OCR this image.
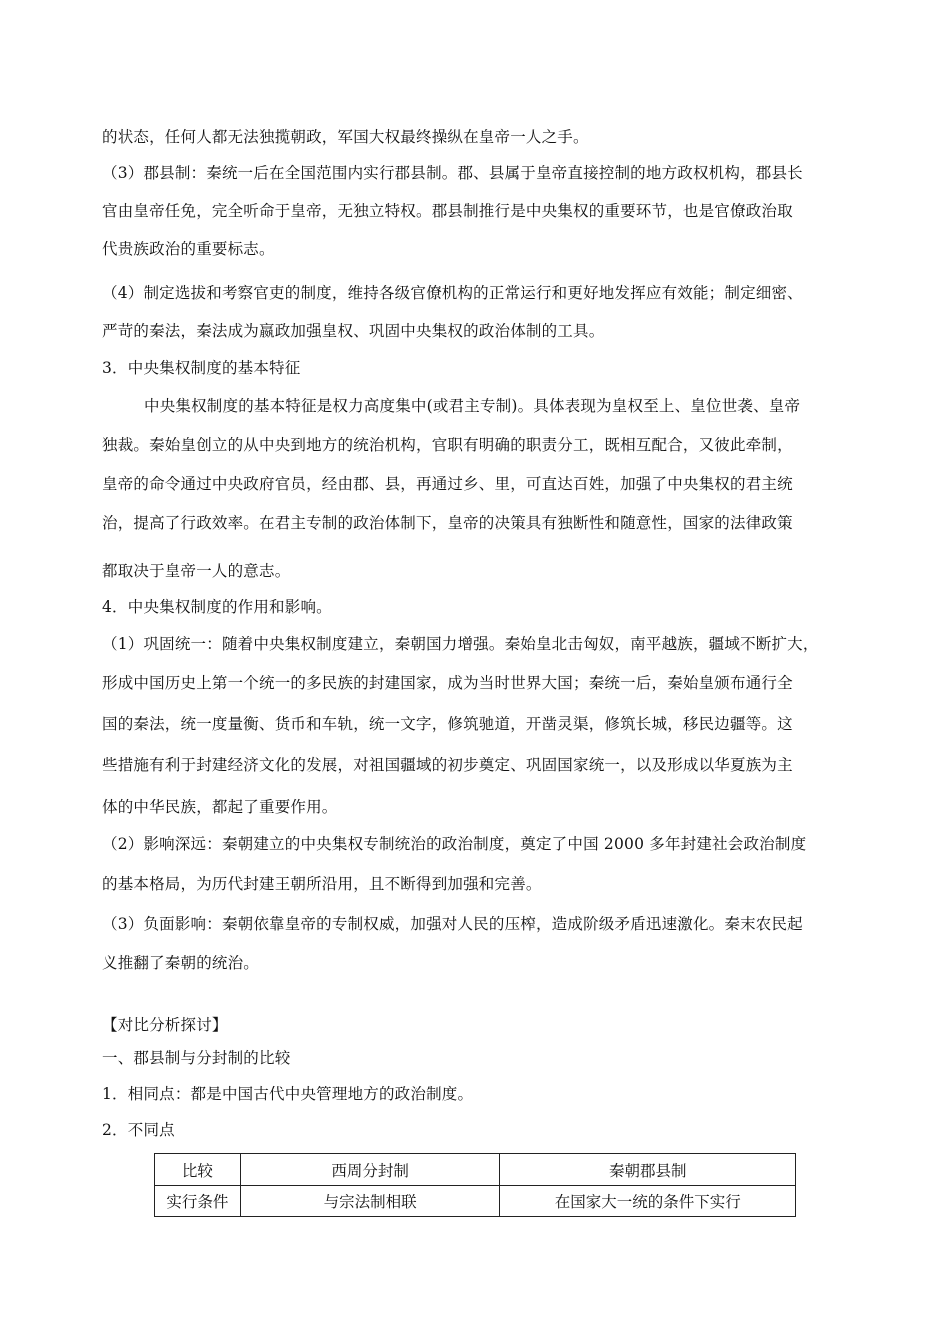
的状态，任何人都无法独揽朝政，军国大权最终操纵在皇帝一人之手。
（3）郡县制：秦统一后在全国范围内实行郡县制。郡、县属于皇帝直接控制的地方政权机构，郡县长
官由皇帝任免，完全听命于皇帝，无独立特权。郡县制推行是中央集权的重要环节，也是官僚政治取
代贵族政治的重要标志。
（4）制定选拔和考察官吏的制度，维持各级官僚机构的正常运行和更好地发挥应有效能；制定细密、
严苛的秦法，秦法成为嬴政加强皇权、巩固中央集权的政治体制的工具。
3．中央集权制度的基本特征
中央集权制度的基本特征是权力高度集中(或君主专制)。具体表现为皇权至上、皇位世袭、皇帝
独裁。秦始皇创立的从中央到地方的统治机构，官职有明确的职责分工，既相互配合，又彼此牵制，
皇帝的命令通过中央政府官员，经由郡、县，再通过乡、里，可直达百姓，加强了中央集权的君主统
治，提高了行政效率。在君主专制的政治体制下，皇帝的决策具有独断性和随意性，国家的法律政策
都取决于皇帝一人的意志。
4．中央集权制度的作用和影响。
（1）巩固统一：随着中央集权制度建立，秦朝国力增强。秦始皇北击匈奴，南平越族，疆域不断扩大，
形成中国历史上第一个统一的多民族的封建国家，成为当时世界大国；秦统一后，秦始皇颁布通行全
国的秦法，统一度量衡、货币和车轨，统一文字，修筑驰道，开凿灵渠，修筑长城，移民边疆等。这
些措施有利于封建经济文化的发展，对祖国疆域的初步奠定、巩固国家统一，以及形成以华夏族为主
体的中华民族，都起了重要作用。
（2）影响深远：秦朝建立的中央集权专制统治的政治制度，奠定了中国 2000 多年封建社会政治制度
的基本格局，为历代封建王朝所沿用，且不断得到加强和完善。
（3）负面影响：秦朝依靠皇帝的专制权威，加强对人民的压榨，造成阶级矛盾迅速激化。秦末农民起
义推翻了秦朝的统治。
【对比分析探讨】
一、郡县制与分封制的比较
1．相同点：都是中国古代中央管理地方的政治制度。
2．不同点
比较	西周分封制	秦朝郡县制
实行条件	与宗法制相联	在国家大一统的条件下实行
